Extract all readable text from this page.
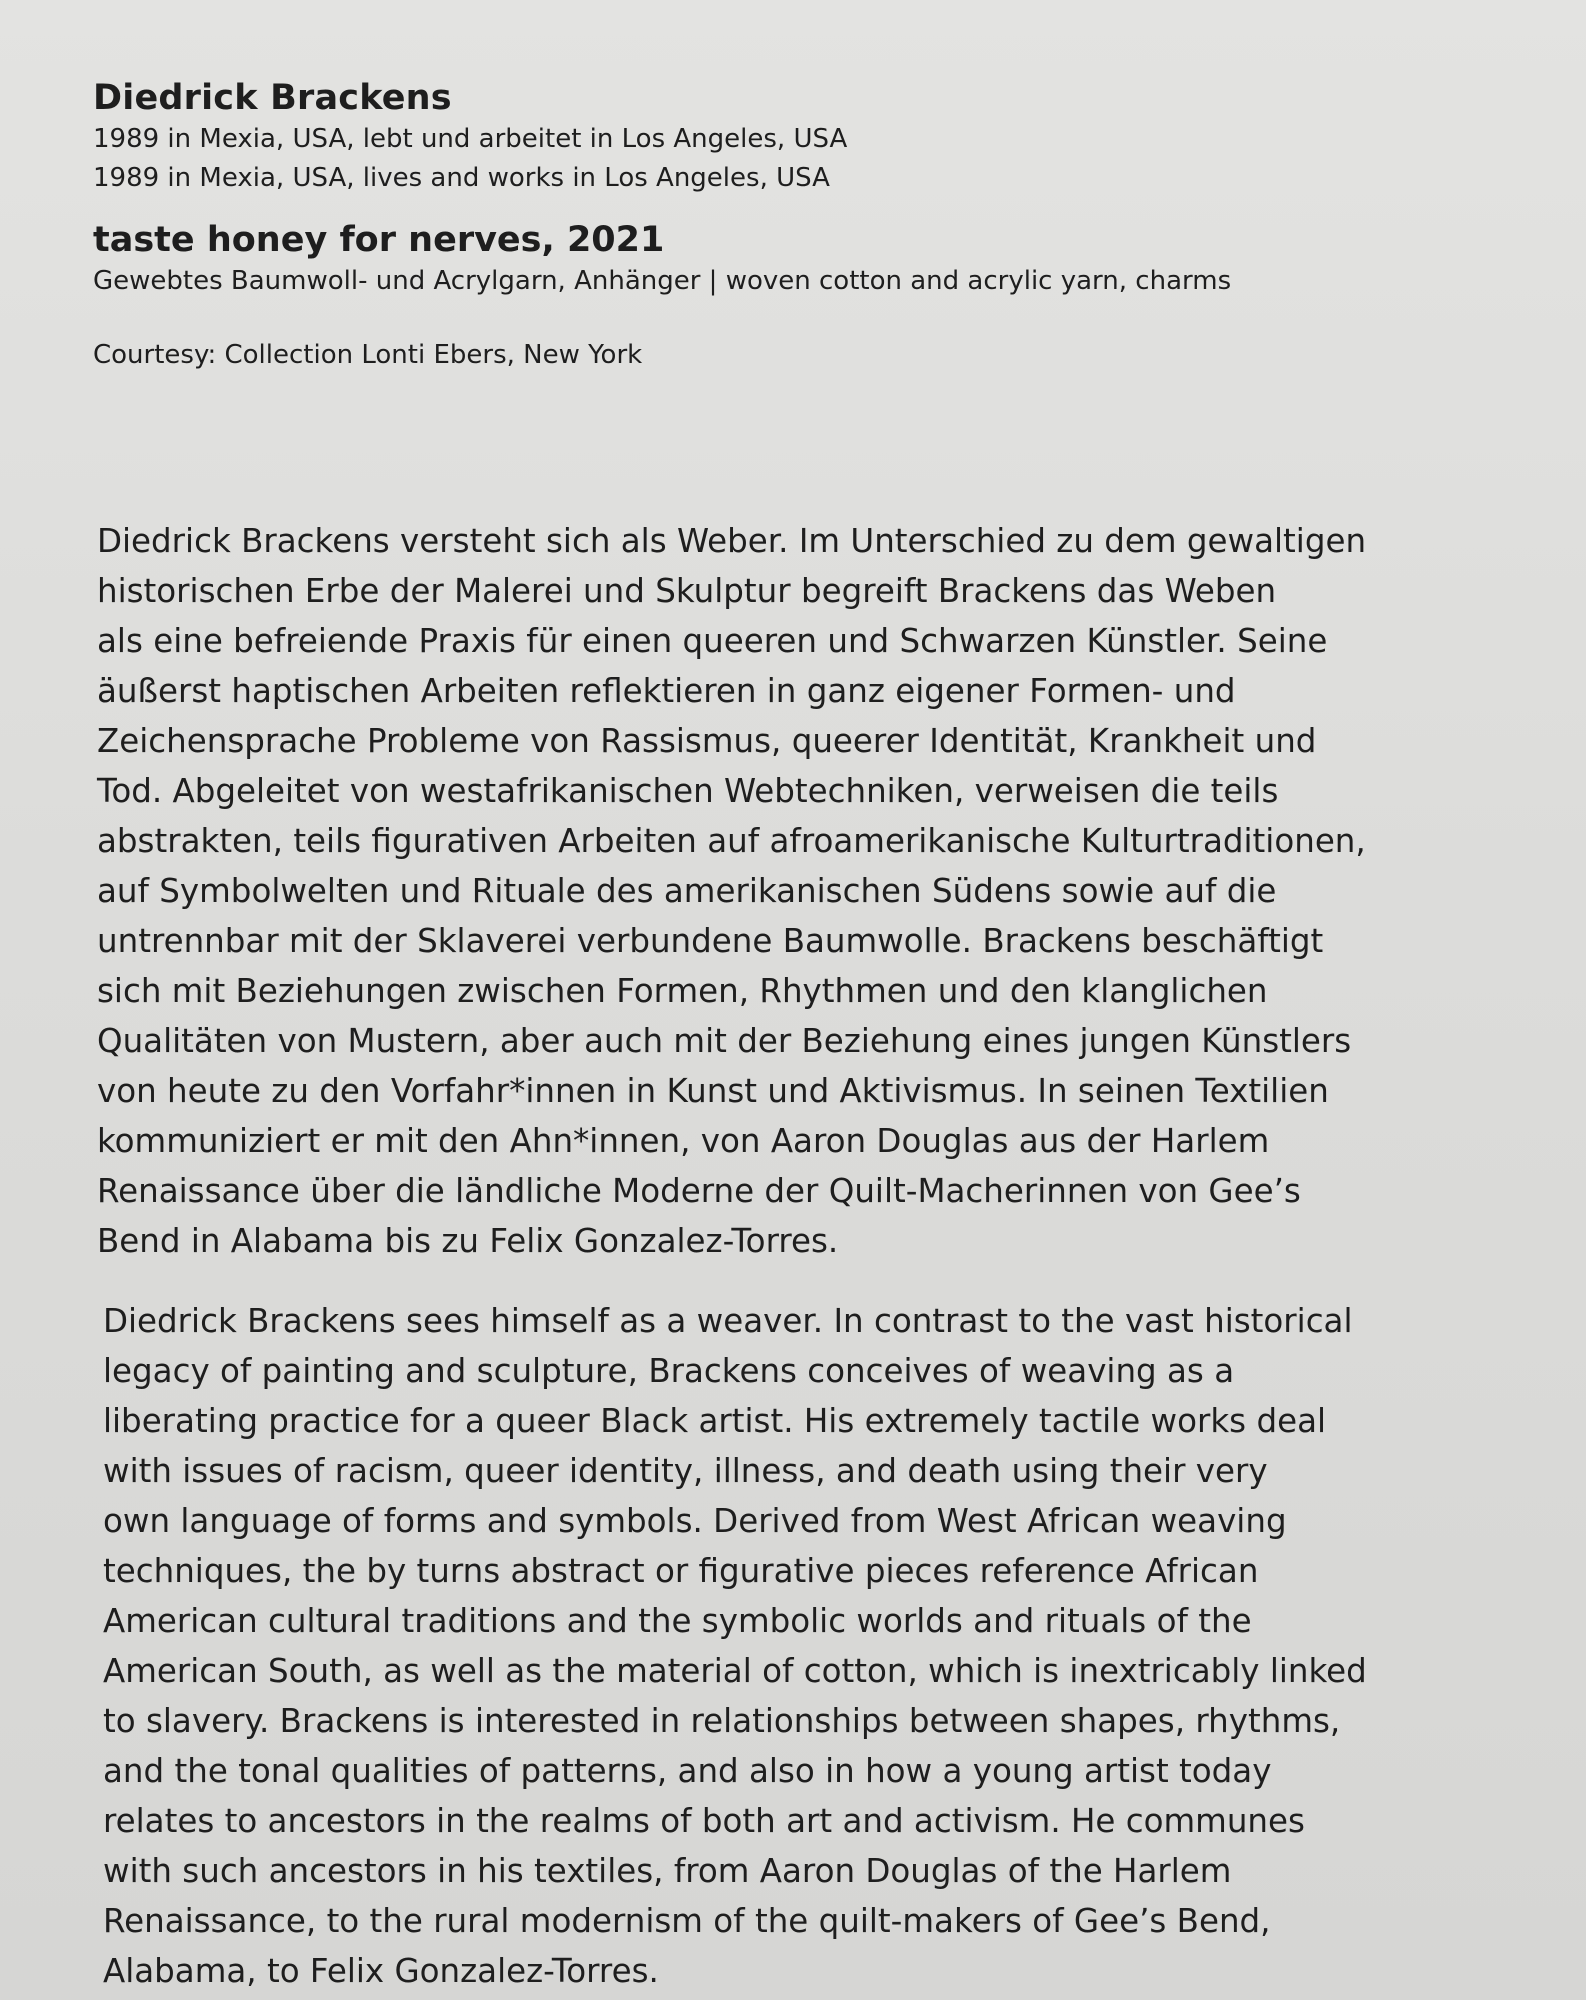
Diedrick Brackens

1989 in Mexia, USA, lebt und arbeitet in Los Angeles, USA

1989 in Mexia, USA, lives and works in Los Angeles, USA

taste honey for nerves, 2021

Gewebtes Baumwoll- und Acrylgarn, Anhänger | woven cotton and acrylic yarn, charms

Courtesy: Collection Lonti Ebers, New York

Diedrick Brackens versteht sich als Weber. Im Unterschied zu dem gewaltigen
historischen Erbe der Malerei und Skulptur begreift Brackens das Weben
als eine befreiende Praxis für einen queeren und Schwarzen Künstler. Seine
äußerst haptischen Arbeiten reflektieren in ganz eigener Formen- und
Zeichensprache Probleme von Rassismus, queerer Identität, Krankheit und
Tod. Abgeleitet von westafrikanischen Webtechniken, verweisen die teils
abstrakten, teils figurativen Arbeiten auf afroamerikanische Kulturtraditionen,
auf Symbolwelten und Rituale des amerikanischen Südens sowie auf die
untrennbar mit der Sklaverei verbundene Baumwolle. Brackens beschäftigt
sich mit Beziehungen zwischen Formen, Rhythmen und den klanglichen
Qualitäten von Mustern, aber auch mit der Beziehung eines jungen Künstlers
von heute zu den Vorfahr*innen in Kunst und Aktivismus. In seinen Textilien
kommuniziert er mit den Ahn*innen, von Aaron Douglas aus der Harlem
Renaissance über die ländliche Moderne der Quilt-Macherinnen von Gee’s
Bend in Alabama bis zu Felix Gonzalez-Torres.

Diedrick Brackens sees himself as a weaver. In contrast to the vast historical
legacy of painting and sculpture, Brackens conceives of weaving as a
liberating practice for a queer Black artist. His extremely tactile works deal
with issues of racism, queer identity, illness, and death using their very
own language of forms and symbols. Derived from West African weaving
techniques, the by turns abstract or figurative pieces reference African
American cultural traditions and the symbolic worlds and rituals of the
American South, as well as the material of cotton, which is inextricably linked
to slavery. Brackens is interested in relationships between shapes, rhythms,
and the tonal qualities of patterns, and also in how a young artist today
relates to ancestors in the realms of both art and activism. He communes
with such ancestors in his textiles, from Aaron Douglas of the Harlem
Renaissance, to the rural modernism of the quilt-makers of Gee’s Bend,
Alabama, to Felix Gonzalez-Torres.
